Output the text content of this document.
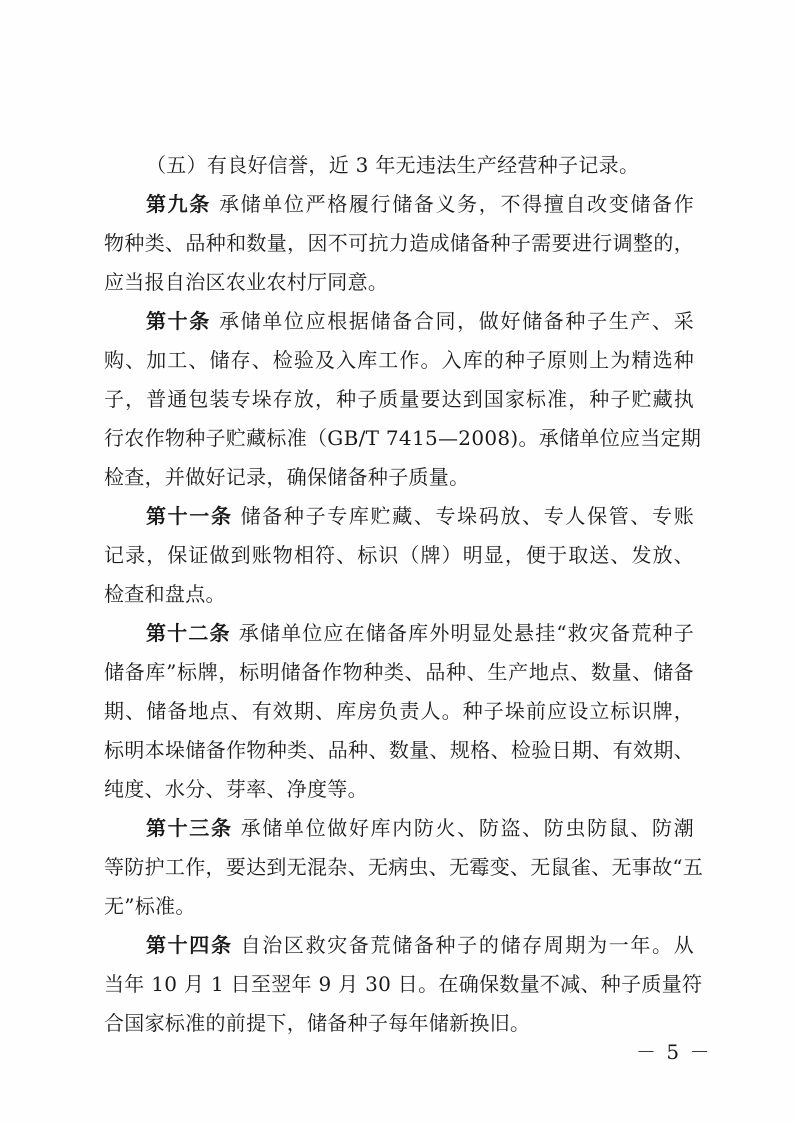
（五）有良好信誉，近 3 年无违法生产经营种子记录。
第九条 承储单位严格履行储备义务，不得擅自改变储备作
物种类、品种和数量，因不可抗力造成储备种子需要进行调整的，
应当报自治区农业农村厅同意。
第十条 承储单位应根据储备合同，做好储备种子生产、采
购、加工、储存、检验及入库工作。入库的种子原则上为精选种
子，普通包装专垛存放，种子质量要达到国家标准，种子贮藏执
行农作物种子贮藏标准（GB/T 7415—2008)。承储单位应当定期
检查，并做好记录，确保储备种子质量。
第十一条 储备种子专库贮藏、专垛码放、专人保管、专账
记录，保证做到账物相符、标识（牌）明显，便于取送、发放、
检查和盘点。
第十二条 承储单位应在储备库外明显处悬挂“救灾备荒种子
储备库”标牌，标明储备作物种类、品种、生产地点、数量、储备
期、储备地点、有效期、库房负责人。种子垛前应设立标识牌，
标明本垛储备作物种类、品种、数量、规格、检验日期、有效期、
纯度、水分、芽率、净度等。
第十三条 承储单位做好库内防火、防盗、防虫防鼠、防潮
等防护工作，要达到无混杂、无病虫、无霉变、无鼠雀、无事故“五
无”标准。
第十四条 自治区救灾备荒储备种子的储存周期为一年。从
当年 10 月 1 日至翌年 9 月 30 日。在确保数量不减、种子质量符
合国家标准的前提下，储备种子每年储新换旧。
－ 5 －
